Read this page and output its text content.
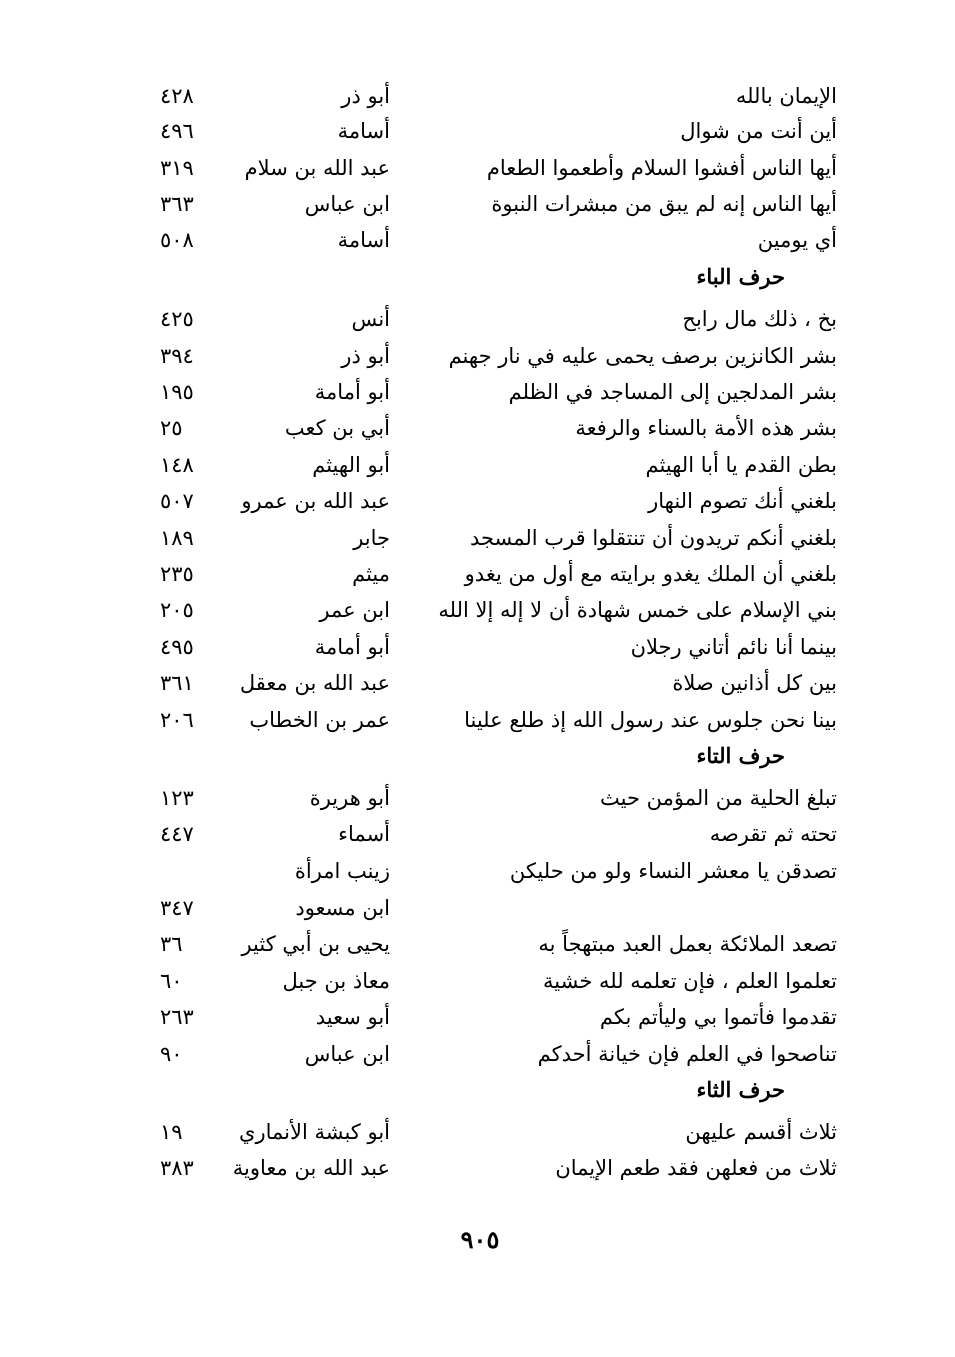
الإيمان بالله
أبو ذر
٤٢٨
أين أنت من شوال
أسامة
٤٩٦
أيها الناس أفشوا السلام وأطعموا الطعام
عبد الله بن سلام
٣١٩
أيها الناس إنه لم يبق من مبشرات النبوة
ابن عباس
٣٦٣
أي يومين
أسامة
٥٠٨
حرف الباء
بخ ، ذلك مال رابح
أنس
٤٢٥
بشر الكانزين برصف يحمى عليه في نار جهنم
أبو ذر
٣٩٤
بشر المدلجين إلى المساجد في الظلم
أبو أمامة
١٩٥
بشر هذه الأمة بالسناء والرفعة
أبي بن كعب
٢٥
بطن القدم يا أبا الهيثم
أبو الهيثم
١٤٨
بلغني أنك تصوم النهار
عبد الله بن عمرو
٥٠٧
بلغني أنكم تريدون أن تنتقلوا قرب المسجد
جابر
١٨٩
بلغني أن الملك يغدو برايته مع أول من يغدو
ميثم
٢٣٥
بني الإسلام على خمس شهادة أن لا إله إلا الله
ابن عمر
٢٠٥
بينما أنا نائم أتاني رجلان
أبو أمامة
٤٩٥
بين كل أذانين صلاة
عبد الله بن معقل
٣٦١
بينا نحن جلوس عند رسول الله إذ طلع علينا
عمر بن الخطاب
٢٠٦
حرف التاء
تبلغ الحلية من المؤمن حيث
أبو هريرة
١٢٣
تحته ثم تقرصه
أسماء
٤٤٧
تصدقن يا معشر النساء ولو من حليكن
زينب امرأة
ابن مسعود
٣٤٧
تصعد الملائكة بعمل العبد مبتهجاً به
يحيى بن أبي كثير
٣٦
تعلموا العلم ، فإن تعلمه لله خشية
معاذ بن جبل
٦٠
تقدموا فأتموا بي وليأتم بكم
أبو سعيد
٢٦٣
تناصحوا في العلم فإن خيانة أحدكم
ابن عباس
٩٠
حرف الثاء
ثلاث أقسم عليهن
أبو كبشة الأنماري
١٩
ثلاث من فعلهن فقد طعم الإيمان
عبد الله بن معاوية
٣٨٣
٩٠٥
